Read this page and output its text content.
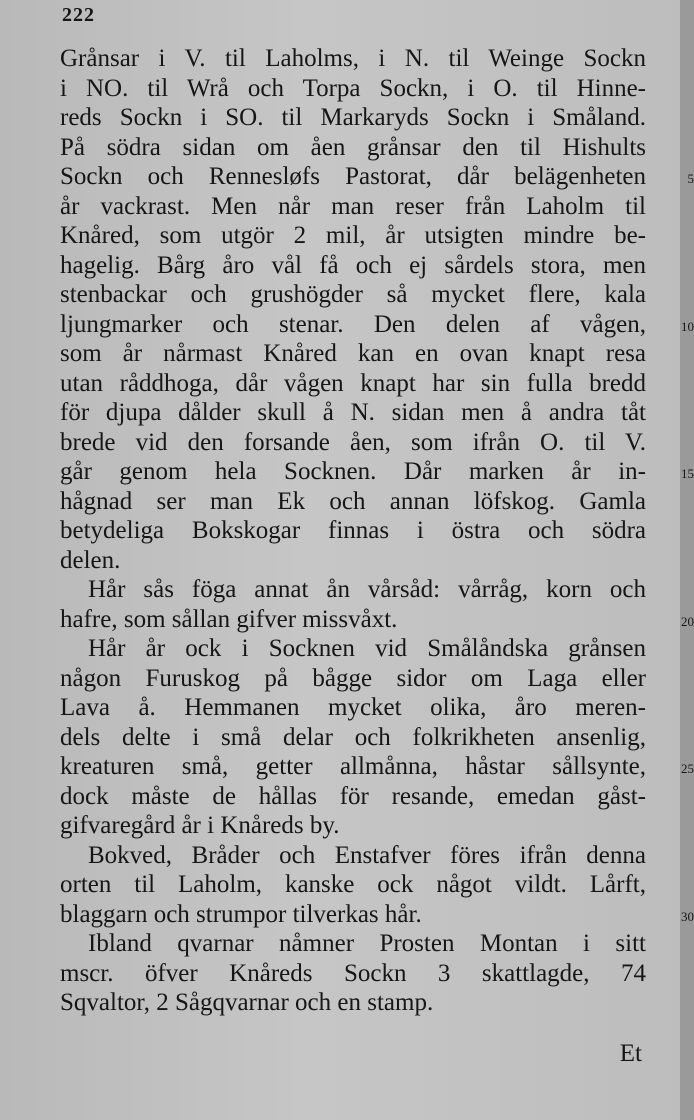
222
Grånsar i V. til Laholms, i N. til Weinge Sockn
i NO. til Wrå och Torpa Sockn, i O. til Hinne-
reds Sockn i SO. til Markaryds Sockn i Småland.
På södra sidan om åen grånsar den til Hishults
Sockn och Rennesløfs Pastorat, dår belägenheten	5
år vackrast. Men når man reser från Laholm til
Knåred, som utgör 2 mil, år utsigten mindre be-
hagelig. Bårg åro vål få och ej sårdels stora, men
stenbackar och grushögder så mycket flere, kala
ljungmarker och stenar. Den delen af vågen,	10
som år nårmast Knåred kan en ovan knapt resa
utan råddhoga, dår vågen knapt har sin fulla bredd
för djupa dålder skull å N. sidan men å andra tåt
brede vid den forsande åen, som ifrån O. til V.
går genom hela Socknen. Dår marken år in-	15
hågnad ser man Ek och annan löfskog. Gamla
betydeliga Bokskogar finnas i östra och södra
delen.
Hår sås föga annat ån vårsåd: vårråg, korn och
hafre, som sållan gifver missvåxt.	20
Hår år ock i Socknen vid Smålåndska grånsen
någon Furuskog på bågge sidor om Laga eller
Lava å. Hemmanen mycket olika, åro meren-
dels delte i små delar och folkrikheten ansenlig,
kreaturen små, getter allmånna, håstar sållsynte,	25
dock måste de hållas för resande, emedan gåst-
gifvaregård år i Knåreds by.
Bokved, Bråder och Enstafver föres ifrån denna
orten til Laholm, kanske ock något vildt. Lårft,
blaggarn och strumpor tilverkas hår.	30
Ibland qvarnar nåmner Prosten Montan i sitt
mscr. öfver Knåreds Sockn 3 skattlagde, 74
Sqvaltor, 2 Sågqvarnar och en stamp.
Et
